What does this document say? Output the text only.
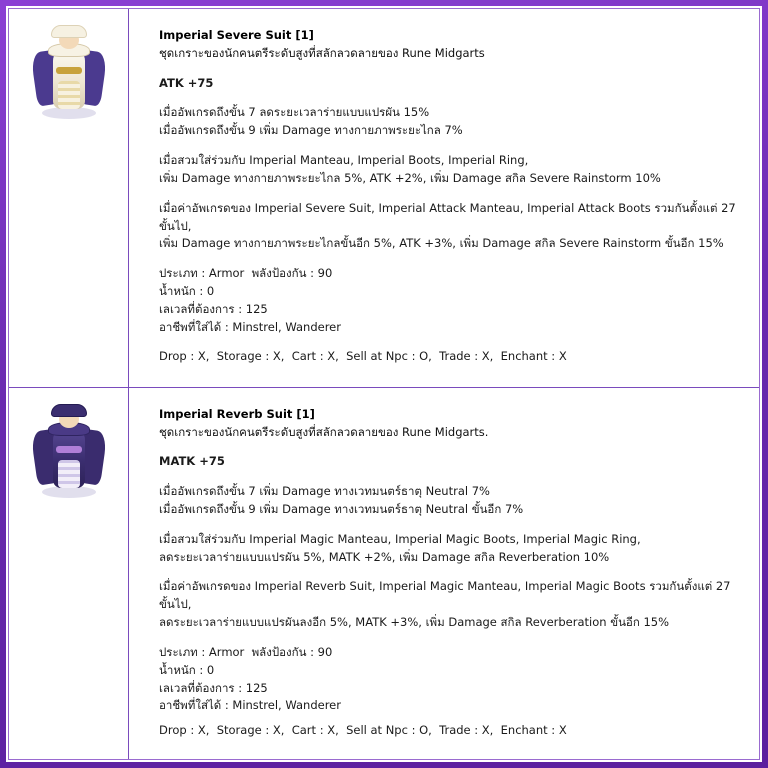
Imperial Severe Suit [1]
ชุดเกราะของนักคนตรีระดับสูงที่สลักลวดลายของ Rune Midgarts
ATK +75
เมื่ออัพเกรดถึงขั้น 7 ลดระยะเวลาร่ายแบบแปรผัน 15%
เมื่ออัพเกรดถึงขั้น 9 เพิ่ม Damage ทางกายภาพระยะไกล 7%
เมื่อสวมใส่ร่วมกับ Imperial Manteau, Imperial Boots, Imperial Ring,
เพิ่ม Damage ทางกายภาพระยะไกล 5%, ATK +2%, เพิ่ม Damage สกิล Severe Rainstorm 10%
เมื่อค่าอัพเกรดของ Imperial Severe Suit, Imperial Attack Manteau, Imperial Attack Boots รวมกันตั้งแต่ 27 ขั้นไป,
เพิ่ม Damage ทางกายภาพระยะไกลขั้นอีก 5%, ATK +3%, เพิ่ม Damage สกิล Severe Rainstorm ขั้นอีก 15%
ประเภท : Armor  พลังป้องกัน : 90
น้ำหนัก : 0
เลเวลที่ต้องการ : 125
อาชีพที่ใส่ได้ : Minstrel, Wanderer
Drop : X,  Storage : X,  Cart : X,  Sell at Npc : O,  Trade : X,  Enchant : X
Imperial Reverb Suit [1]
ชุดเกราะของนักคนตรีระดับสูงที่สลักลวดลายของ Rune Midgarts.
MATK +75
เมื่ออัพเกรดถึงขั้น 7 เพิ่ม Damage ทางเวทมนตร์ธาตุ Neutral 7%
เมื่ออัพเกรดถึงขั้น 9 เพิ่ม Damage ทางเวทมนตร์ธาตุ Neutral ขั้นอีก 7%
เมื่อสวมใส่ร่วมกับ Imperial Magic Manteau, Imperial Magic Boots, Imperial Magic Ring,
ลดระยะเวลาร่ายแบบแปรผัน 5%, MATK +2%, เพิ่ม Damage สกิล Reverberation 10%
เมื่อค่าอัพเกรดของ Imperial Reverb Suit, Imperial Magic Manteau, Imperial Magic Boots รวมกันตั้งแต่ 27 ขั้นไป,
ลดระยะเวลาร่ายแบบแปรผันลงอีก 5%, MATK +3%, เพิ่ม Damage สกิล Reverberation ขั้นอีก 15%
ประเภท : Armor  พลังป้องกัน : 90
น้ำหนัก : 0
เลเวลที่ต้องการ : 125
อาชีพที่ใส่ได้ : Minstrel, Wanderer
Drop : X,  Storage : X,  Cart : X,  Sell at Npc : O,  Trade : X,  Enchant : X
